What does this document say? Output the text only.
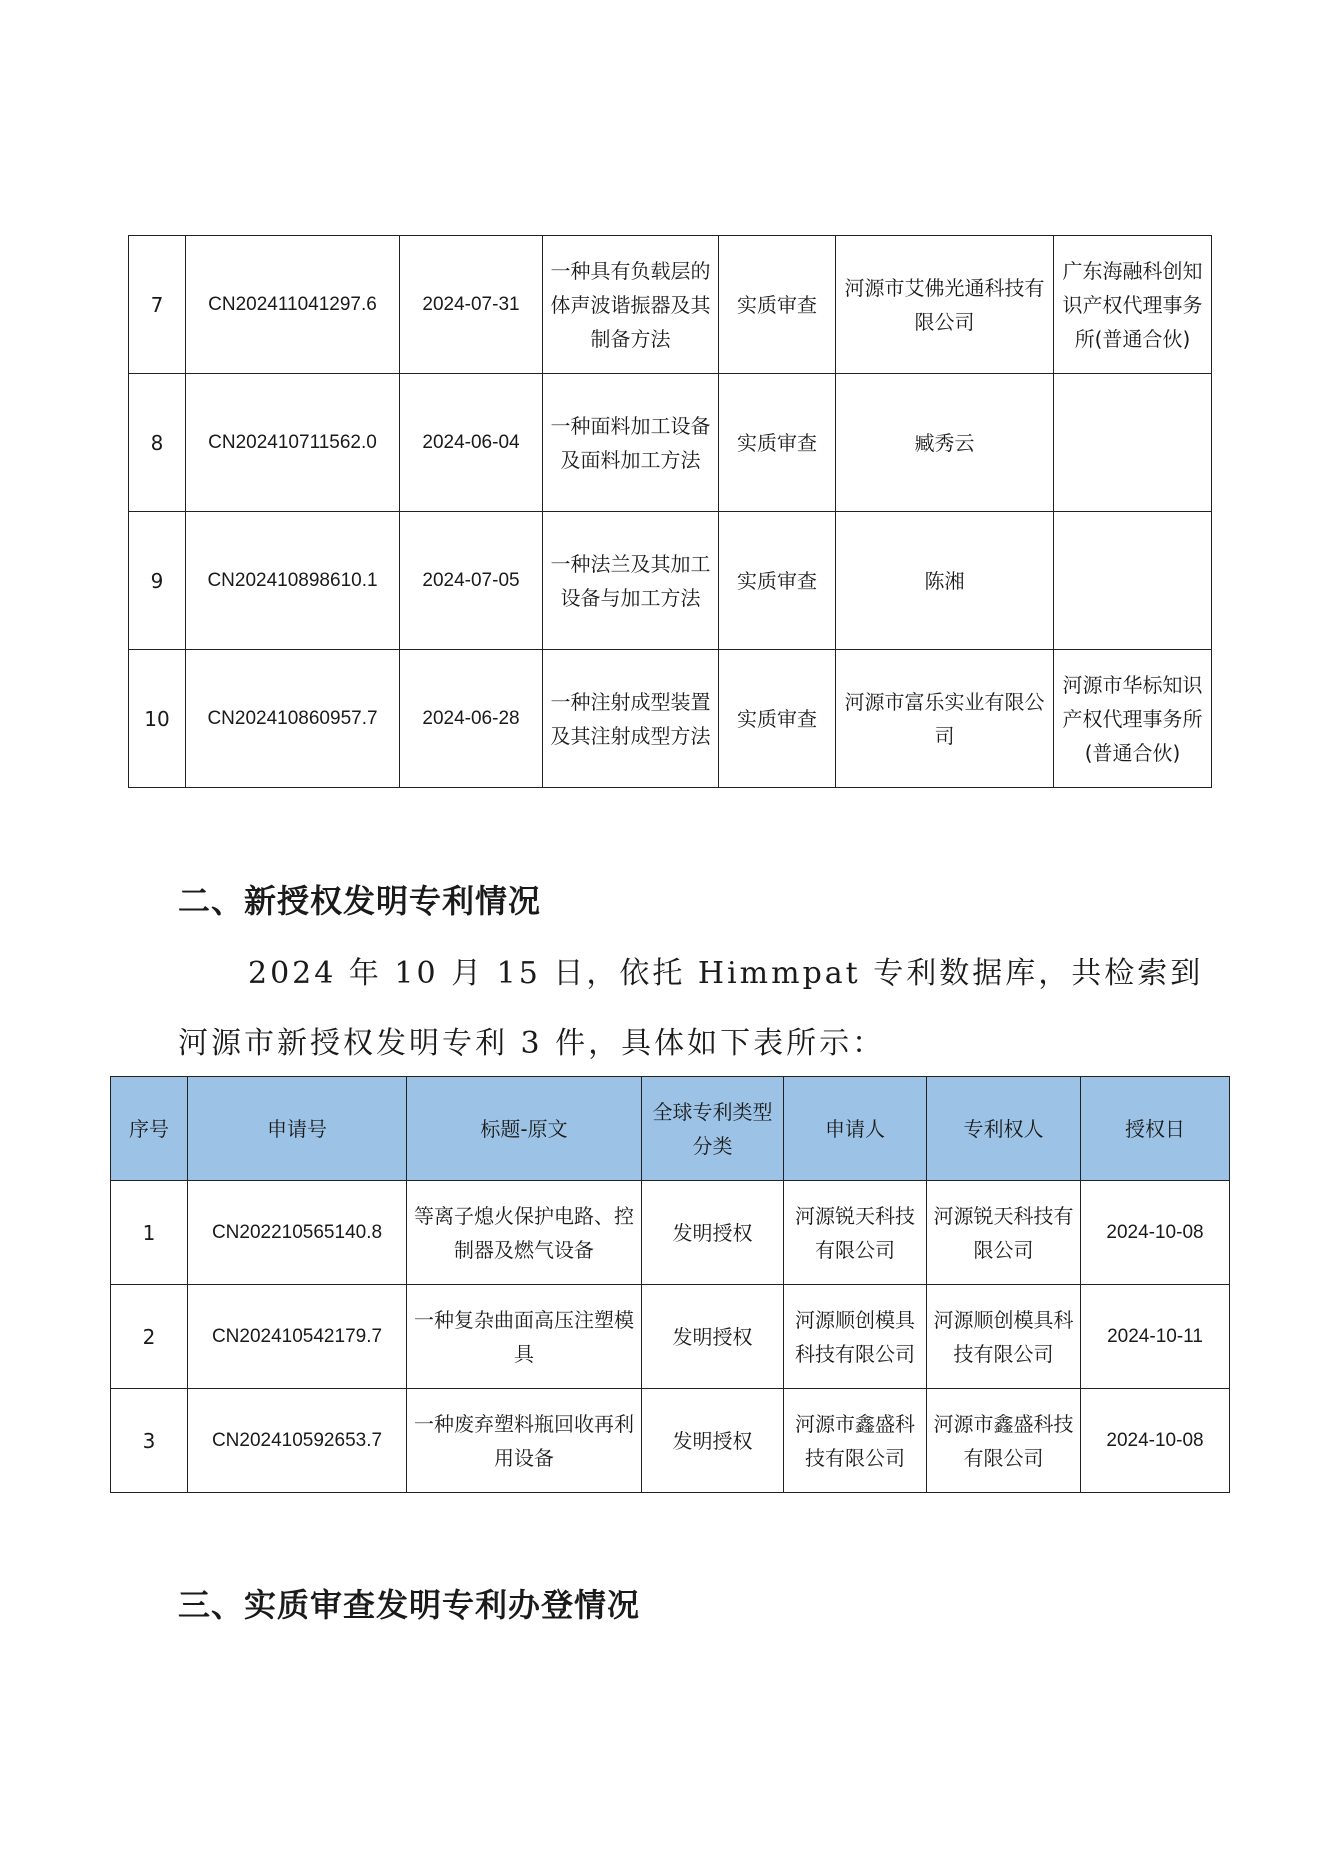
7	CN202411041297.6	2024-07-31	一种具有负载层的体声波谐振器及其制备方法	实质审查	河源市艾佛光通科技有限公司	广东海融科创知识产权代理事务所(普通合伙)
8	CN202410711562.0	2024-06-04	一种面料加工设备及面料加工方法	实质审查	臧秀云	
9	CN202410898610.1	2024-07-05	一种法兰及其加工设备与加工方法	实质审查	陈湘	
10	CN202410860957.7	2024-06-28	一种注射成型装置及其注射成型方法	实质审查	河源市富乐实业有限公司	河源市华标知识产权代理事务所(普通合伙)
二、新授权发明专利情况
2024 年 10 月 15 日，依托 Himmpat 专利数据库，共检索到
河源市新授权发明专利 3 件，具体如下表所示：
序号	申请号	标题-原文	全球专利类型分类	申请人	专利权人	授权日
1	CN202210565140.8	等离子熄火保护电路、控制器及燃气设备	发明授权	河源锐天科技有限公司	河源锐天科技有限公司	2024-10-08
2	CN202410542179.7	一种复杂曲面高压注塑模具	发明授权	河源顺创模具科技有限公司	河源顺创模具科技有限公司	2024-10-11
3	CN202410592653.7	一种废弃塑料瓶回收再利用设备	发明授权	河源市鑫盛科技有限公司	河源市鑫盛科技有限公司	2024-10-08
三、实质审查发明专利办登情况
